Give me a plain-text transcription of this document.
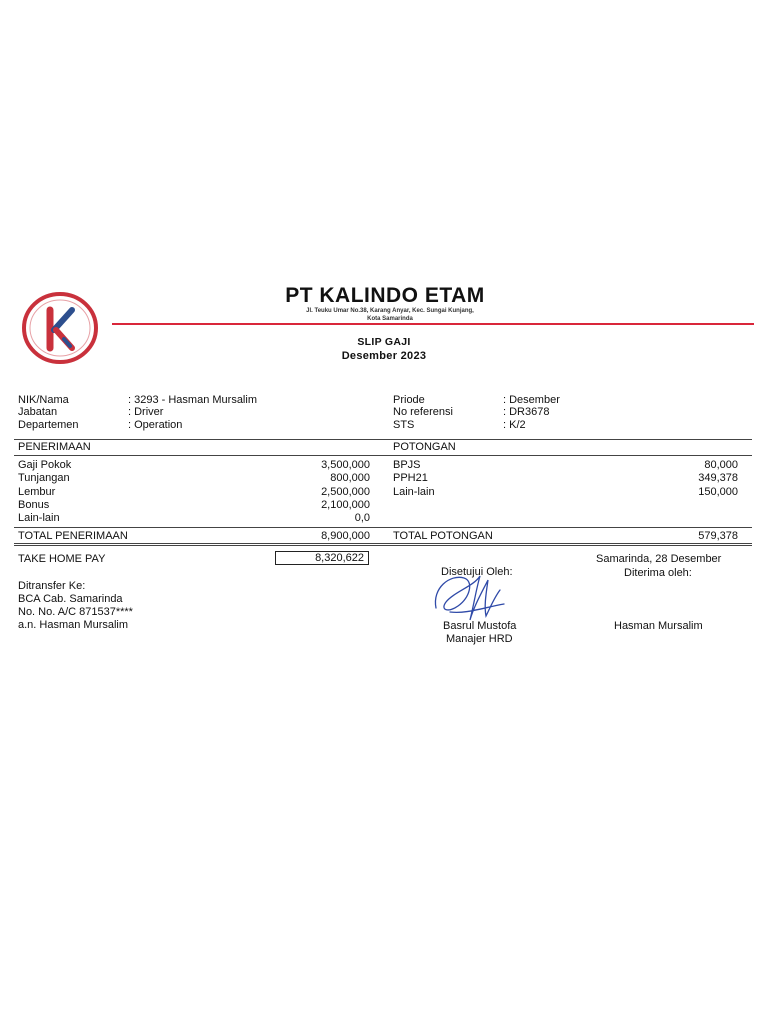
PT KALINDO ETAM
Jl. Teuku Umar No.38, Karang Anyar, Kec. Sungai Kunjang,
Kota Samarinda
SLIP GAJI
Desember 2023
NIK/Nama	: 3293 - Hasman Mursalim
Jabatan	: Driver
Departemen	: Operation
Priode	: Desember
No referensi	: DR3678
STS	: K/2
PENERIMAAN	POTONGAN
Gaji Pokok	3,500,000
Tunjangan	800,000
Lembur	2,500,000
Bonus	2,100,000
Lain-lain	0,0
BPJS	80,000
PPH21	349,378
Lain-lain	150,000
TOTAL PENERIMAAN	8,900,000 TOTAL POTONGAN	579,378
TAKE HOME PAY	8,320,622
Ditransfer Ke:
BCA Cab. Samarinda
No. No. A/C 871537****
a.n. Hasman Mursalim
Disetujui Oleh:
Basrul Mustofa
Manajer HRD
Samarinda, 28 Desember
Diterima oleh:
Hasman Mursalim
